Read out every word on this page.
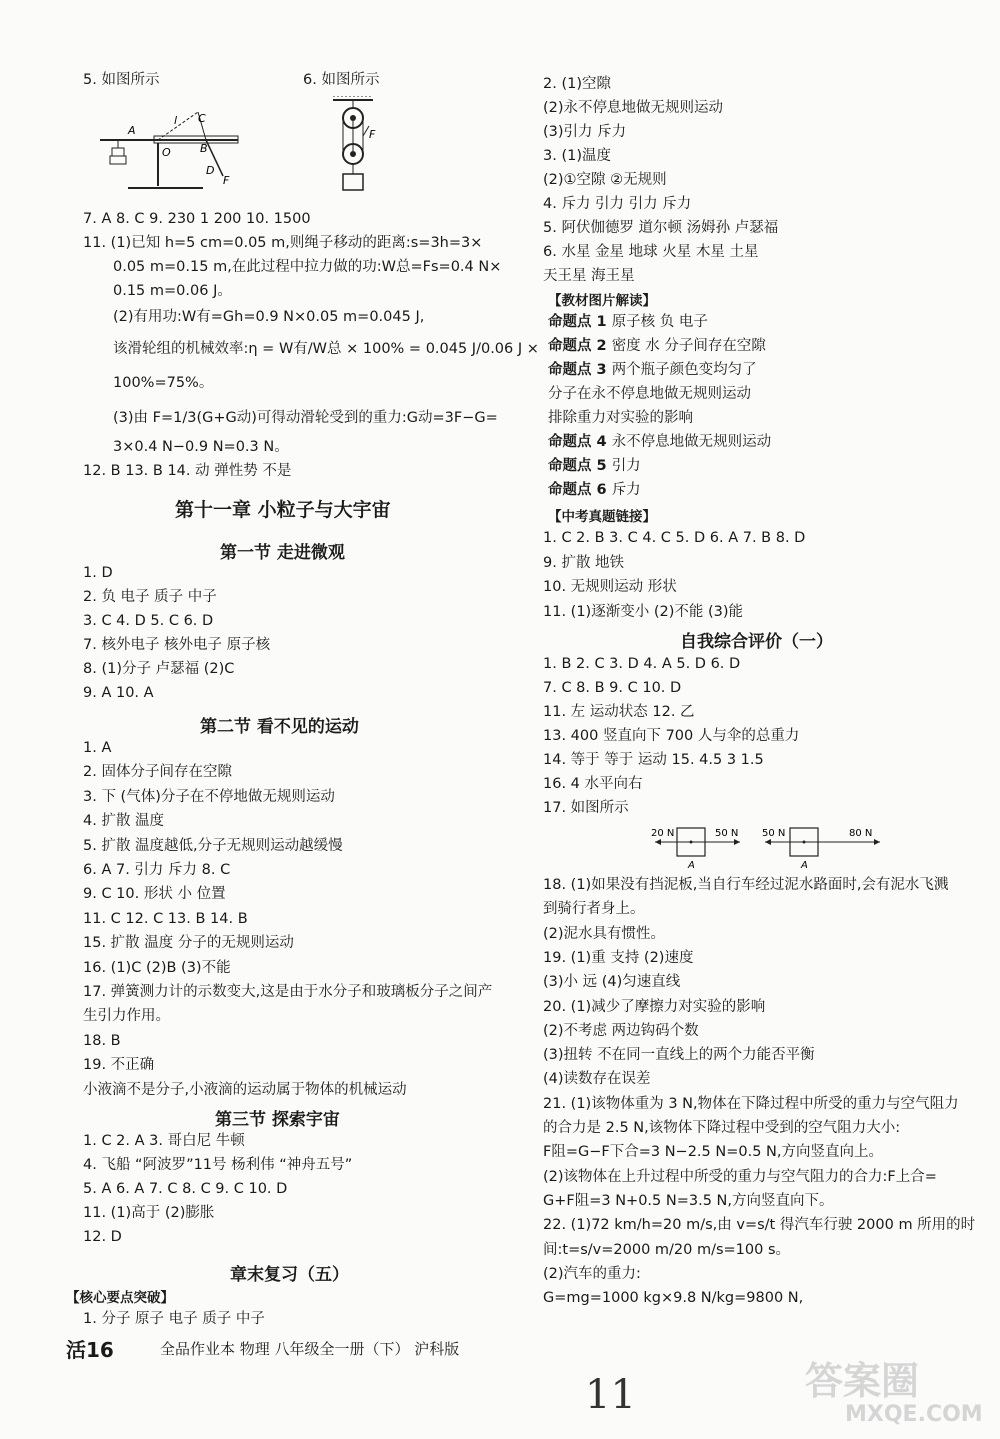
5. 如图所示	6. 如图所示
A
O
l C
B
D
F
F
7. A 8. C 9. 230 1 200 10. 1500
11. (1)已知 h=5 cm=0.05 m,则绳子移动的距离:s=3h=3×
0.05 m=0.15 m,在此过程中拉力做的功:W总=Fs=0.4 N×
0.15 m=0.06 J。
(2)有用功:W有=Gh=0.9 N×0.05 m=0.045 J,
该滑轮组的机械效率:η = W有/W总 × 100% = 0.045 J/0.06 J ×
100%=75%。
(3)由 F=1/3(G+G动)可得动滑轮受到的重力:G动=3F−G=
3×0.4 N−0.9 N=0.3 N。
12. B 13. B 14. 动 弹性势 不是
第十一章 小粒子与大宇宙
第一节 走进微观
1. D
2. 负 电子 质子 中子
3. C 4. D 5. C 6. D
7. 核外电子 核外电子 原子核
8. (1)分子 卢瑟福 (2)C
9. A 10. A
第二节 看不见的运动
1. A
2. 固体分子间存在空隙
3. 下 (气体)分子在不停地做无规则运动
4. 扩散 温度
5. 扩散 温度越低,分子无规则运动越缓慢
6. A 7. 引力 斥力 8. C
9. C 10. 形状 小 位置
11. C 12. C 13. B 14. B
15. 扩散 温度 分子的无规则运动
16. (1)C (2)B (3)不能
17. 弹簧测力计的示数变大,这是由于水分子和玻璃板分子之间产
生引力作用。
18. B
19. 不正确
小液滴不是分子,小液滴的运动属于物体的机械运动
第三节 探索宇宙
1. C 2. A 3. 哥白尼 牛顿
4. 飞船 “阿波罗”11号 杨利伟 “神舟五号”
5. A 6. A 7. C 8. C 9. C 10. D
11. (1)高于 (2)膨胀
12. D
章末复习（五）
【核心要点突破】
1. 分子 原子 电子 质子 中子
2. (1)空隙
(2)永不停息地做无规则运动
(3)引力 斥力
3. (1)温度
(2)①空隙 ②无规则
4. 斥力 引力 引力 斥力
5. 阿伏伽德罗 道尔顿 汤姆孙 卢瑟福
6. 水星 金星 地球 火星 木星 土星
天王星 海王星
【教材图片解读】
命题点 1 原子核 负 电子
命题点 2 密度 水 分子间存在空隙
命题点 3 两个瓶子颜色变均匀了
分子在永不停息地做无规则运动
排除重力对实验的影响
命题点 4 永不停息地做无规则运动
命题点 5 引力
命题点 6 斥力
【中考真题链接】
1. C 2. B 3. C 4. C 5. D 6. A 7. B 8. D
9. 扩散 地铁
10. 无规则运动 形状
11. (1)逐渐变小 (2)不能 (3)能
自我综合评价（一）
1. B 2. C 3. D 4. A 5. D 6. D
7. C 8. B 9. C 10. D
11. 左 运动状态 12. 乙
13. 400 竖直向下 700 人与伞的总重力
14. 等于 等于 运动 15. 4.5 3 1.5
16. 4 水平向右
17. 如图所示
20 N	50 N
A
50 N	80 N
A
18. (1)如果没有挡泥板,当自行车经过泥水路面时,会有泥水飞溅
到骑行者身上。
(2)泥水具有惯性。
19. (1)重 支持 (2)速度
(3)小 远 (4)匀速直线
20. (1)减少了摩擦力对实验的影响
(2)不考虑 两边钩码个数
(3)扭转 不在同一直线上的两个力能否平衡
(4)读数存在误差
21. (1)该物体重为 3 N,物体在下降过程中所受的重力与空气阻力
的合力是 2.5 N,该物体下降过程中受到的空气阻力大小:
F阻=G−F下合=3 N−2.5 N=0.5 N,方向竖直向上。
(2)该物体在上升过程中所受的重力与空气阻力的合力:F上合=
G+F阻=3 N+0.5 N=3.5 N,方向竖直向下。
22. (1)72 km/h=20 m/s,由 v=s/t 得汽车行驶 2000 m 所用的时
间:t=s/v=2000 m/20 m/s=100 s。
(2)汽车的重力:
G=mg=1000 kg×9.8 N/kg=9800 N,
活16	全品作业本 物理 八年级全一册（下） 沪科版
11	答案圈
MXQE.COM
